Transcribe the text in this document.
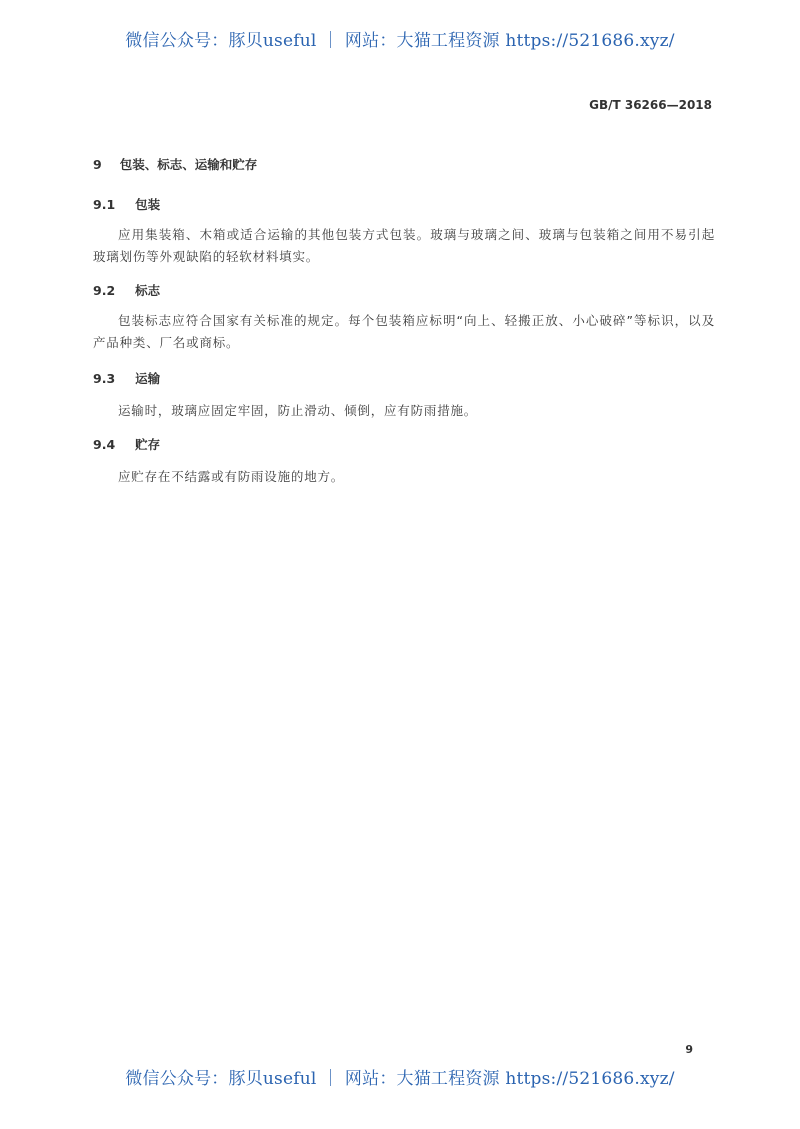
微信公众号：豚贝useful ｜ 网站：大猫工程资源 https://521686.xyz/
GB/T 36266—2018

9 包装、标志、运输和贮存

9.1 包装

应用集装箱、木箱或适合运输的其他包装方式包装。玻璃与玻璃之间、玻璃与包装箱之间用不易引起玻璃划伤等外观缺陷的轻软材料填实。

9.2 标志

包装标志应符合国家有关标准的规定。每个包装箱应标明“向上、轻搬正放、小心破碎”等标识，以及产品种类、厂名或商标。

9.3 运输

运输时，玻璃应固定牢固，防止滑动、倾倒，应有防雨措施。

9.4 贮存

应贮存在不结露或有防雨设施的地方。

9
微信公众号：豚贝useful ｜ 网站：大猫工程资源 https://521686.xyz/
